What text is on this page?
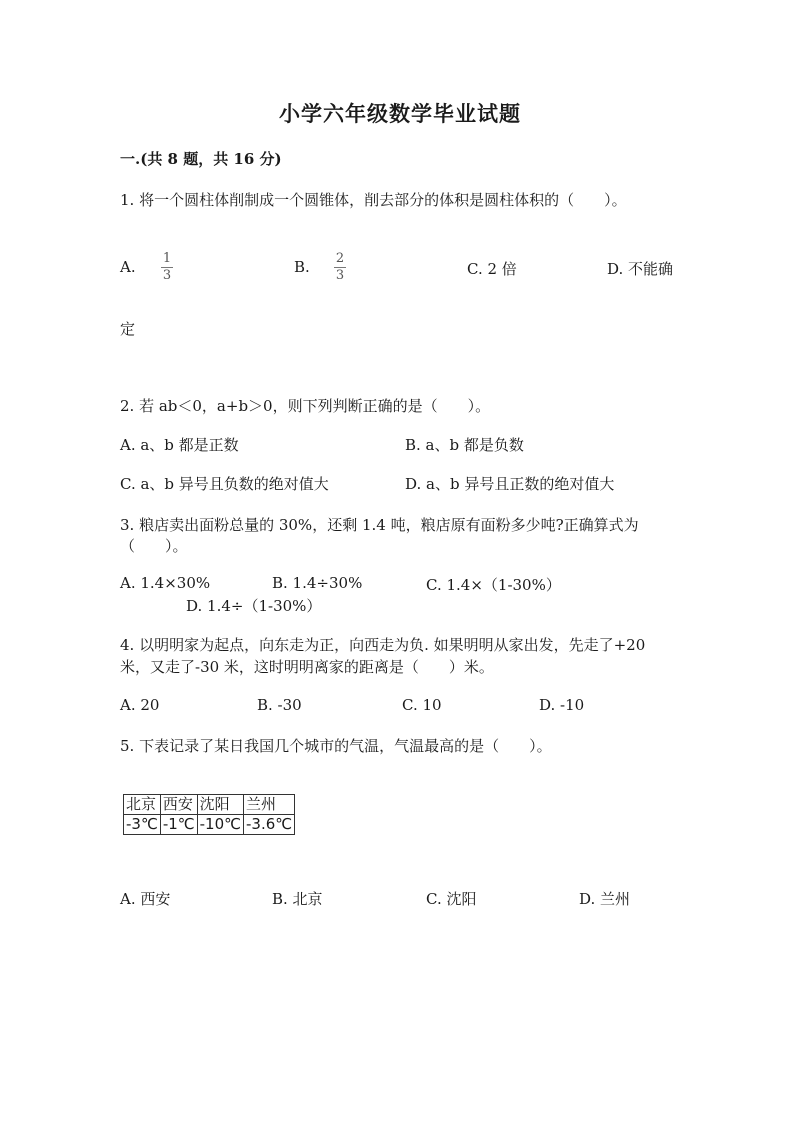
小学六年级数学毕业试题
一.(共 8 题，共 16 分)
1. 将一个圆柱体削制成一个圆锥体，削去部分的体积是圆柱体积的（　　）。
A. 1
3	B. 2
3	C. 2 倍	D. 不能确
定
2. 若 ab＜0，a+b＞0，则下列判断正确的是（　　）。
A. a、b 都是正数	B. a、b 都是负数
C. a、b 异号且负数的绝对值大	D. a、b 异号且正数的绝对值大
3. 粮店卖出面粉总量的 30%，还剩 1.4 吨，粮店原有面粉多少吨?正确算式为
（　　）。
A. 1.4×30%	B. 1.4÷30%	C. 1.4×（1-30%）
D. 1.4÷（1-30%）
4. 以明明家为起点，向东走为正，向西走为负. 如果明明从家出发，先走了+20
米，又走了-30 米，这时明明离家的距离是（　　）米。
A. 20	B. -30	C. 10	D. -10
5. 下表记录了某日我国几个城市的气温，气温最高的是（　　）。
北京	西安	沈阳	兰州
-3℃	-1℃	-10℃	-3.6℃
A. 西安	B. 北京	C. 沈阳	D. 兰州
